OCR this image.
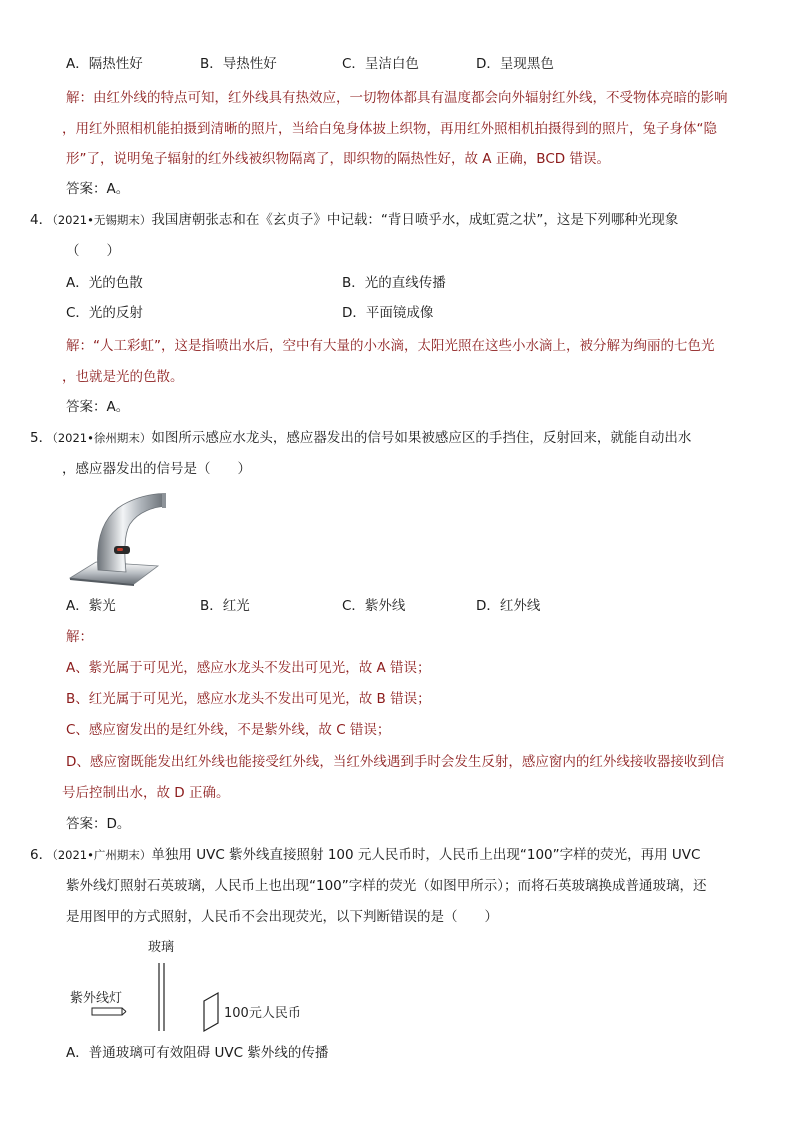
A．隔热性好	B．导热性好	C．呈洁白色	D．呈现黑色
解：由红外线的特点可知，红外线具有热效应，一切物体都具有温度都会向外辐射红外线，不受物体亮暗的影响
，用红外照相机能拍摄到清晰的照片，当给白兔身体披上织物，再用红外照相机拍摄得到的照片，兔子身体“隐
形”了，说明兔子辐射的红外线被织物隔离了，即织物的隔热性好，故 A 正确，BCD 错误。
答案：A。
4．（2021•无锡期末）我国唐朝张志和在《玄贞子》中记载：“背日喷乎水，成虹霓之状”，这是下列哪种光现象
（　　）
A．光的色散	B．光的直线传播
C．光的反射	D．平面镜成像
解：“人工彩虹”，这是指喷出水后，空中有大量的小水滴，太阳光照在这些小水滴上，被分解为绚丽的七色光
，也就是光的色散。
答案：A。
5．（2021•徐州期末）如图所示感应水龙头，感应器发出的信号如果被感应区的手挡住，反射回来，就能自动出水
，感应器发出的信号是（　　）
A．紫光	B．红光	C．紫外线	D．红外线
解：
A、紫光属于可见光，感应水龙头不发出可见光，故 A 错误；
B、红光属于可见光，感应水龙头不发出可见光，故 B 错误；
C、感应窗发出的是红外线，不是紫外线，故 C 错误；
D、感应窗既能发出红外线也能接受红外线，当红外线遇到手时会发生反射，感应窗内的红外线接收器接收到信
号后控制出水，故 D 正确。
答案：D。
6．（2021•广州期末）单独用 UVC 紫外线直接照射 100 元人民币时，人民币上出现“100”字样的荧光，再用 UVC
紫外线灯照射石英玻璃，人民币上也出现“100”字样的荧光（如图甲所示）；而将石英玻璃换成普通玻璃，还
是用图甲的方式照射，人民币不会出现荧光，以下判断错误的是（　　）
玻璃
紫外线灯
100元人民币
A．普通玻璃可有效阻碍 UVC 紫外线的传播
